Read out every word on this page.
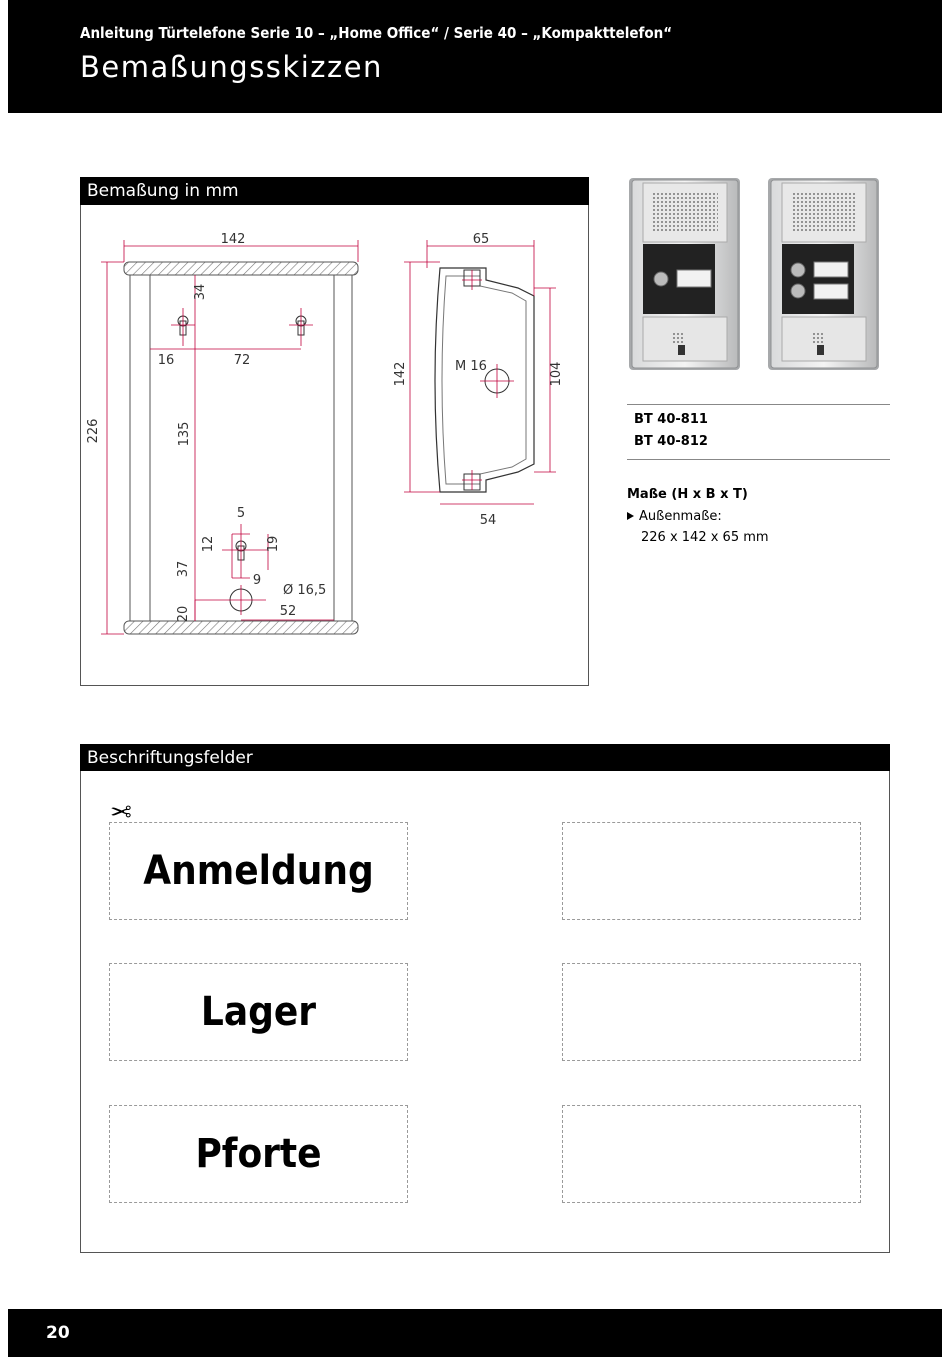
Anleitung Türtelefone Serie 10 – „Home Office“ / Serie 40 – „Kompakttelefon“
Bemaßungsskizzen
Bemaßung in mm
142
226	135
34
16	72
5
12	19
9
37
20
Ø 16,5
52
65
142	104
54
M 16
BT 40-811
BT 40-812
Maße (H x B x T)
Außenmaße:
226 x 142 x 65 mm
Beschriftungsfelder
✂
Anmeldung
Lager
Pforte
20
